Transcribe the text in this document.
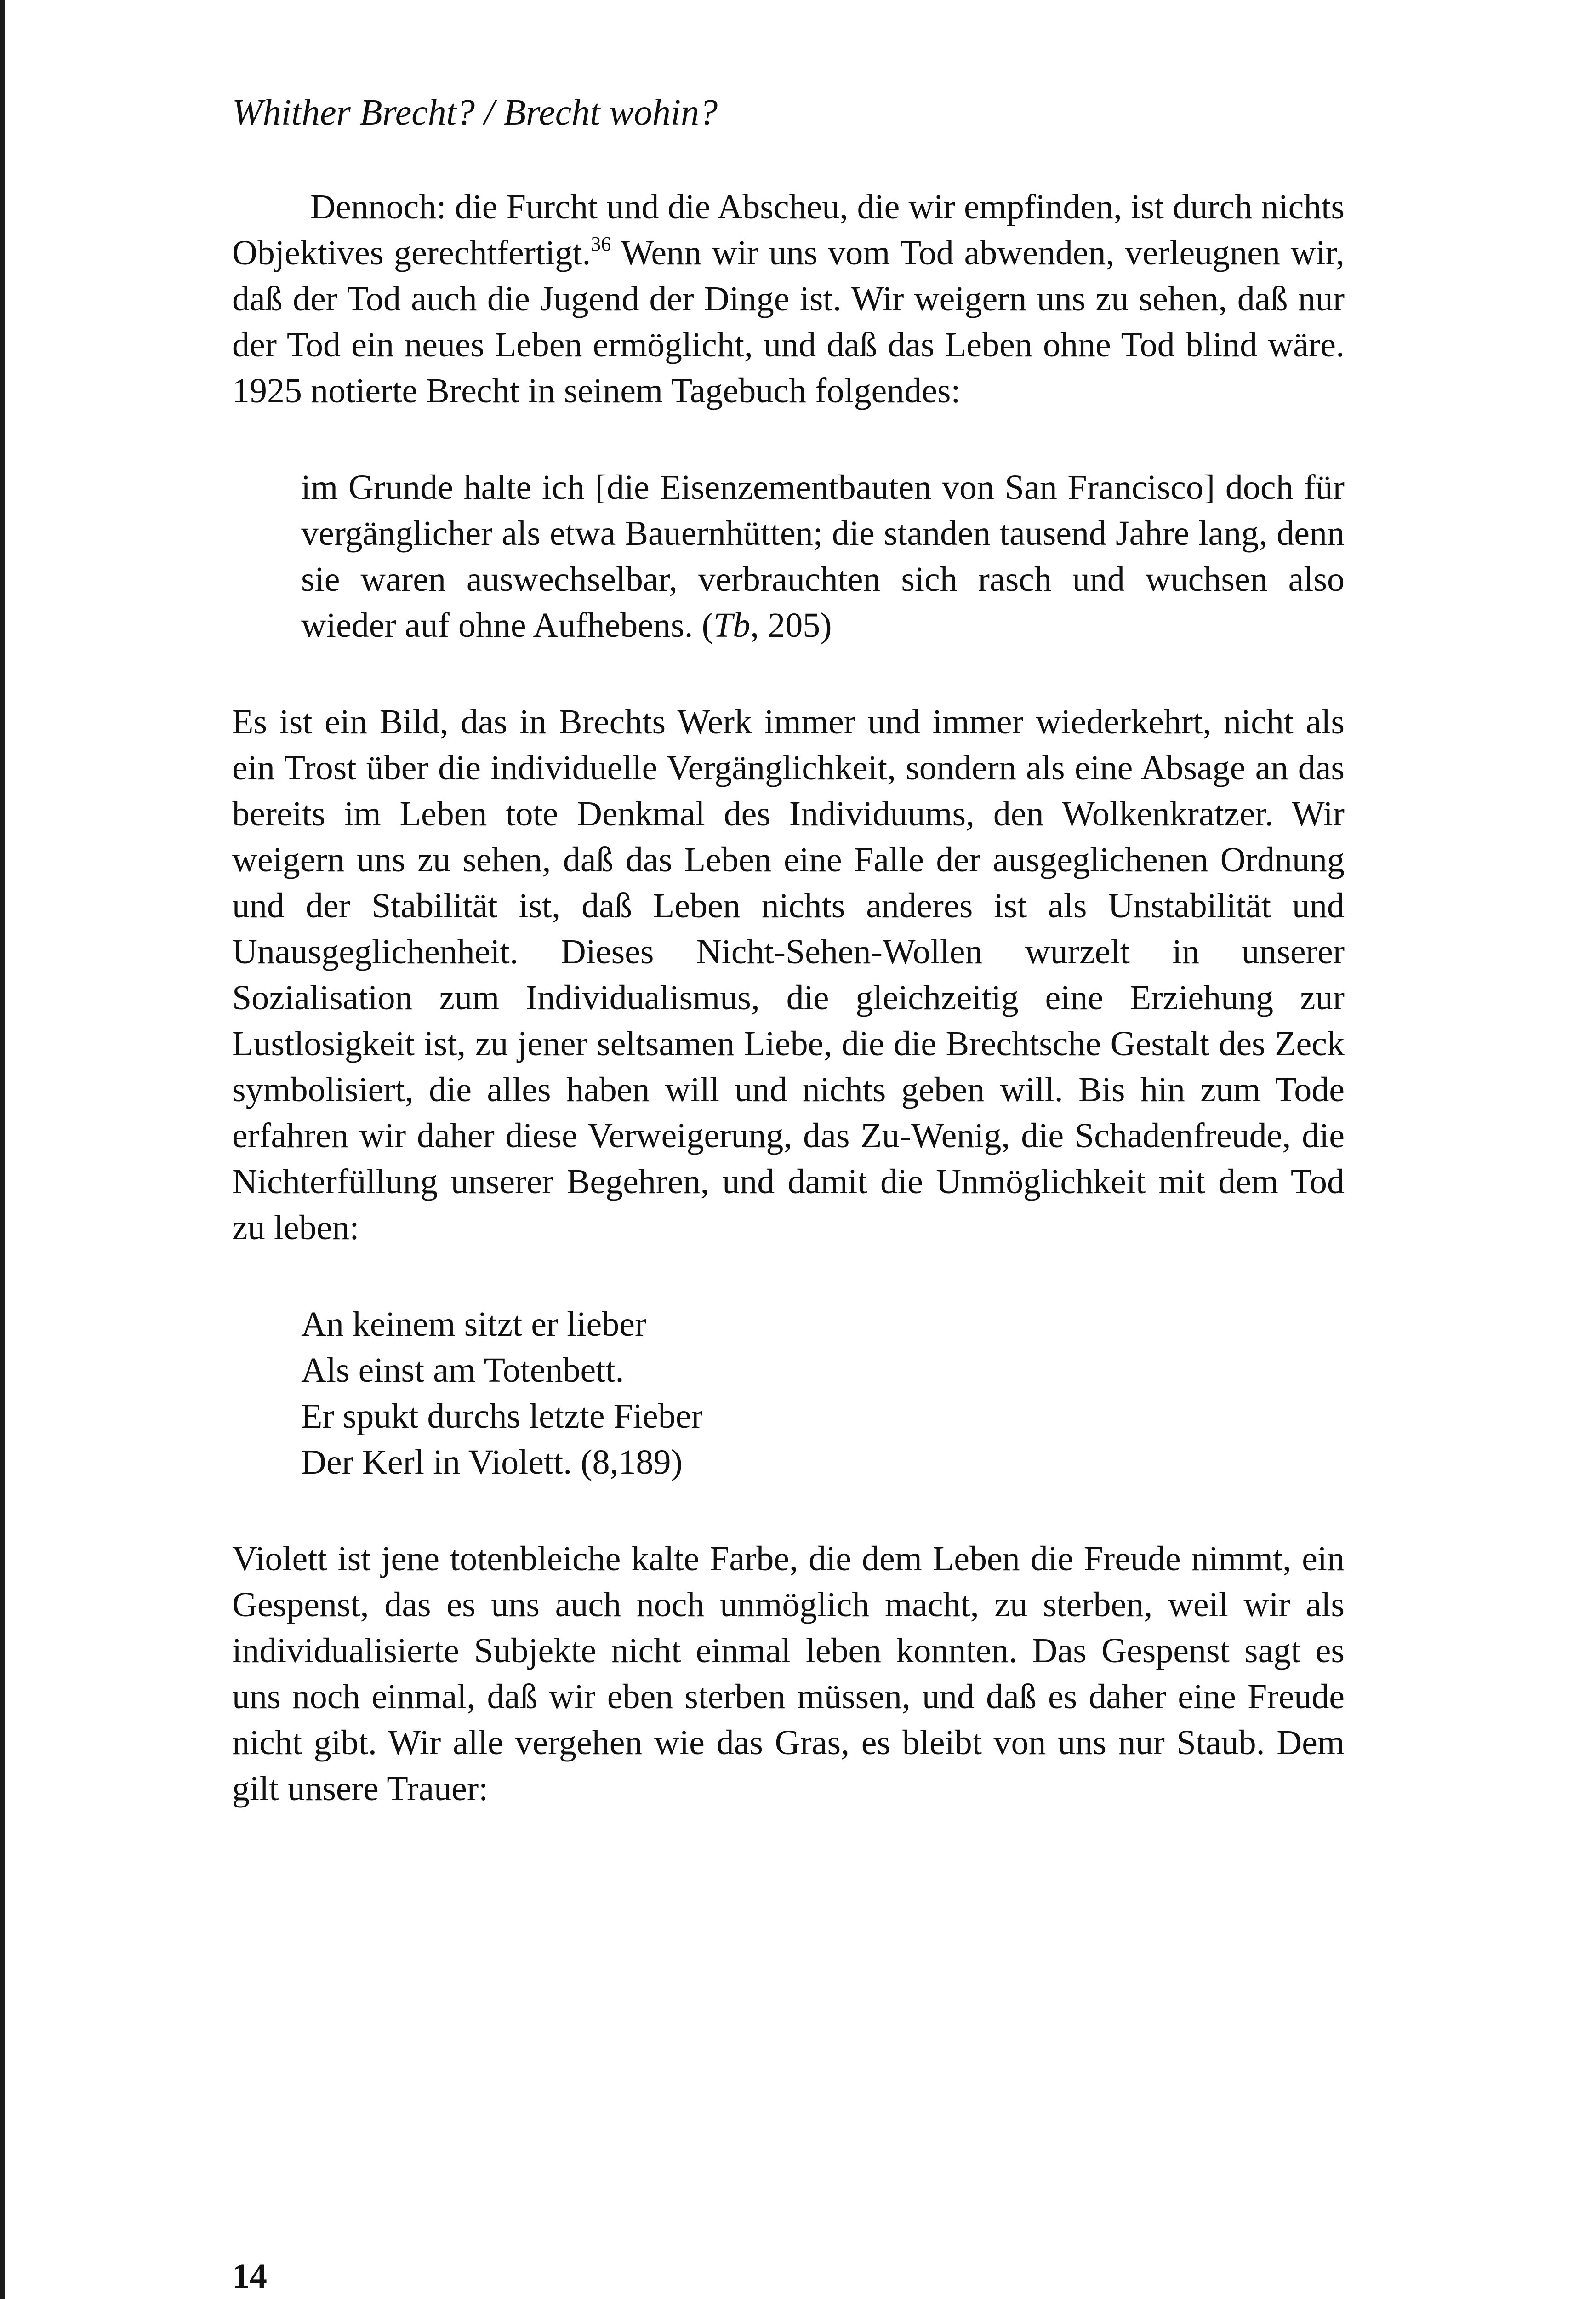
Whither Brecht? / Brecht wohin?

Dennoch: die Furcht und die Abscheu, die wir empfinden, ist durch nichts Objektives gerechtfertigt.$^{36}$ Wenn wir uns vom Tod abwenden, verleugnen wir, daß der Tod auch die Jugend der Dinge ist. Wir weigern uns zu sehen, daß nur der Tod ein neues Leben ermöglicht, und daß das Leben ohne Tod blind wäre. 1925 notierte Brecht in seinem Tagebuch folgendes:

im Grunde halte ich [die Eisenzementbauten von San Francisco] doch für vergänglicher als etwa Bauernhütten; die standen tausend Jahre lang, denn sie waren auswechselbar, verbrauchten sich rasch und wuchsen also wieder auf ohne Aufhebens. (Tb, 205)

Es ist ein Bild, das in Brechts Werk immer und immer wiederkehrt, nicht als ein Trost über die individuelle Vergänglichkeit, sondern als eine Absage an das bereits im Leben tote Denkmal des Individuums, den Wolkenkratzer. Wir weigern uns zu sehen, daß das Leben eine Falle der ausgeglichenen Ordnung und der Stabilität ist, daß Leben nichts anderes ist als Unstabilität und Unausgeglichenheit. Dieses Nicht-Sehen-Wollen wurzelt in unserer Sozialisation zum Individualismus, die gleichzeitig eine Erziehung zur Lustlosigkeit ist, zu jener seltsamen Liebe, die die Brechtsche Gestalt des Zeck symbolisiert, die alles haben will und nichts geben will. Bis hin zum Tode erfahren wir daher diese Verweigerung, das Zu-Wenig, die Schadenfreude, die Nichterfüllung unserer Begehren, und damit die Unmöglichkeit mit dem Tod zu leben:

An keinem sitzt er lieber
Als einst am Totenbett.
Er spukt durchs letzte Fieber
Der Kerl in Violett. (8,189)

Violett ist jene totenbleiche kalte Farbe, die dem Leben die Freude nimmt, ein Gespenst, das es uns auch noch unmöglich macht, zu sterben, weil wir als individualisierte Subjekte nicht einmal leben konnten. Das Gespenst sagt es uns noch einmal, daß wir eben sterben müssen, und daß es daher eine Freude nicht gibt. Wir alle vergehen wie das Gras, es bleibt von uns nur Staub. Dem gilt unsere Trauer:

14
